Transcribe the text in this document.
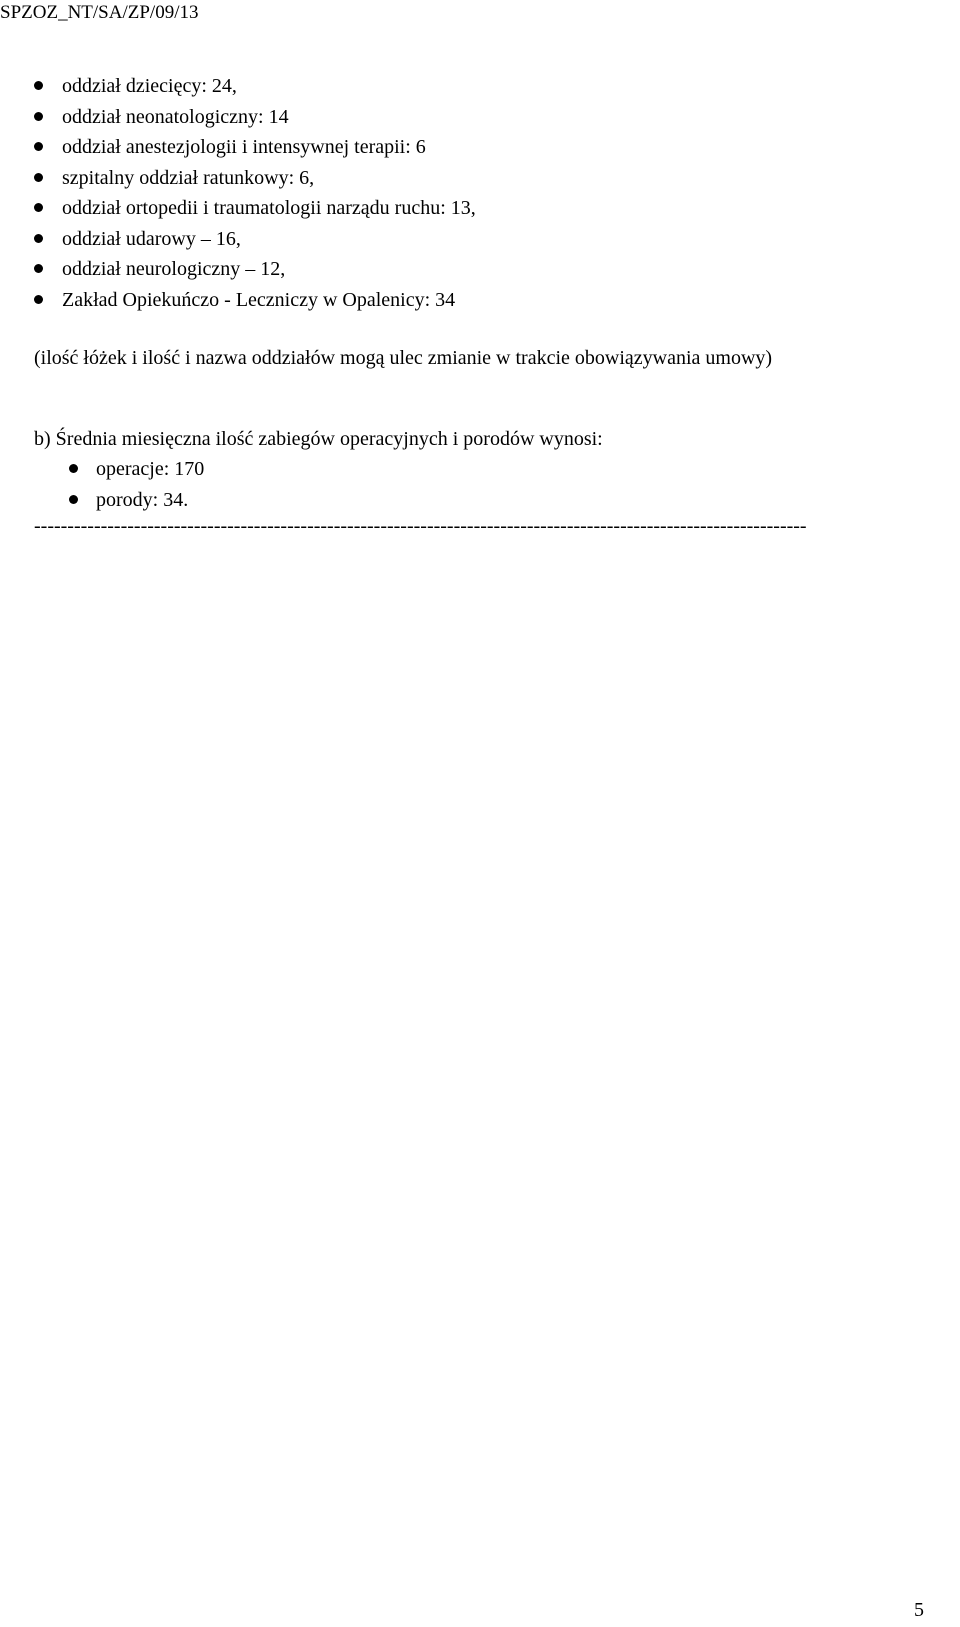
SPZOZ_NT/SA/ZP/09/13
oddział dziecięcy: 24,
oddział neonatologiczny: 14
oddział anestezjologii i intensywnej terapii: 6
szpitalny oddział ratunkowy: 6,
oddział ortopedii i traumatologii narządu ruchu: 13,
oddział udarowy – 16,
oddział neurologiczny – 12,
Zakład Opiekuńczo - Leczniczy w Opalenicy: 34

(ilość łóżek i ilość i nazwa oddziałów mogą ulec zmianie w trakcie obowiązywania umowy)

b) Średnia miesięczna ilość zabiegów operacyjnych i porodów wynosi:

operacje: 170
porody: 34.
--------------------------------------------------------------------------------------------------------------------
5
